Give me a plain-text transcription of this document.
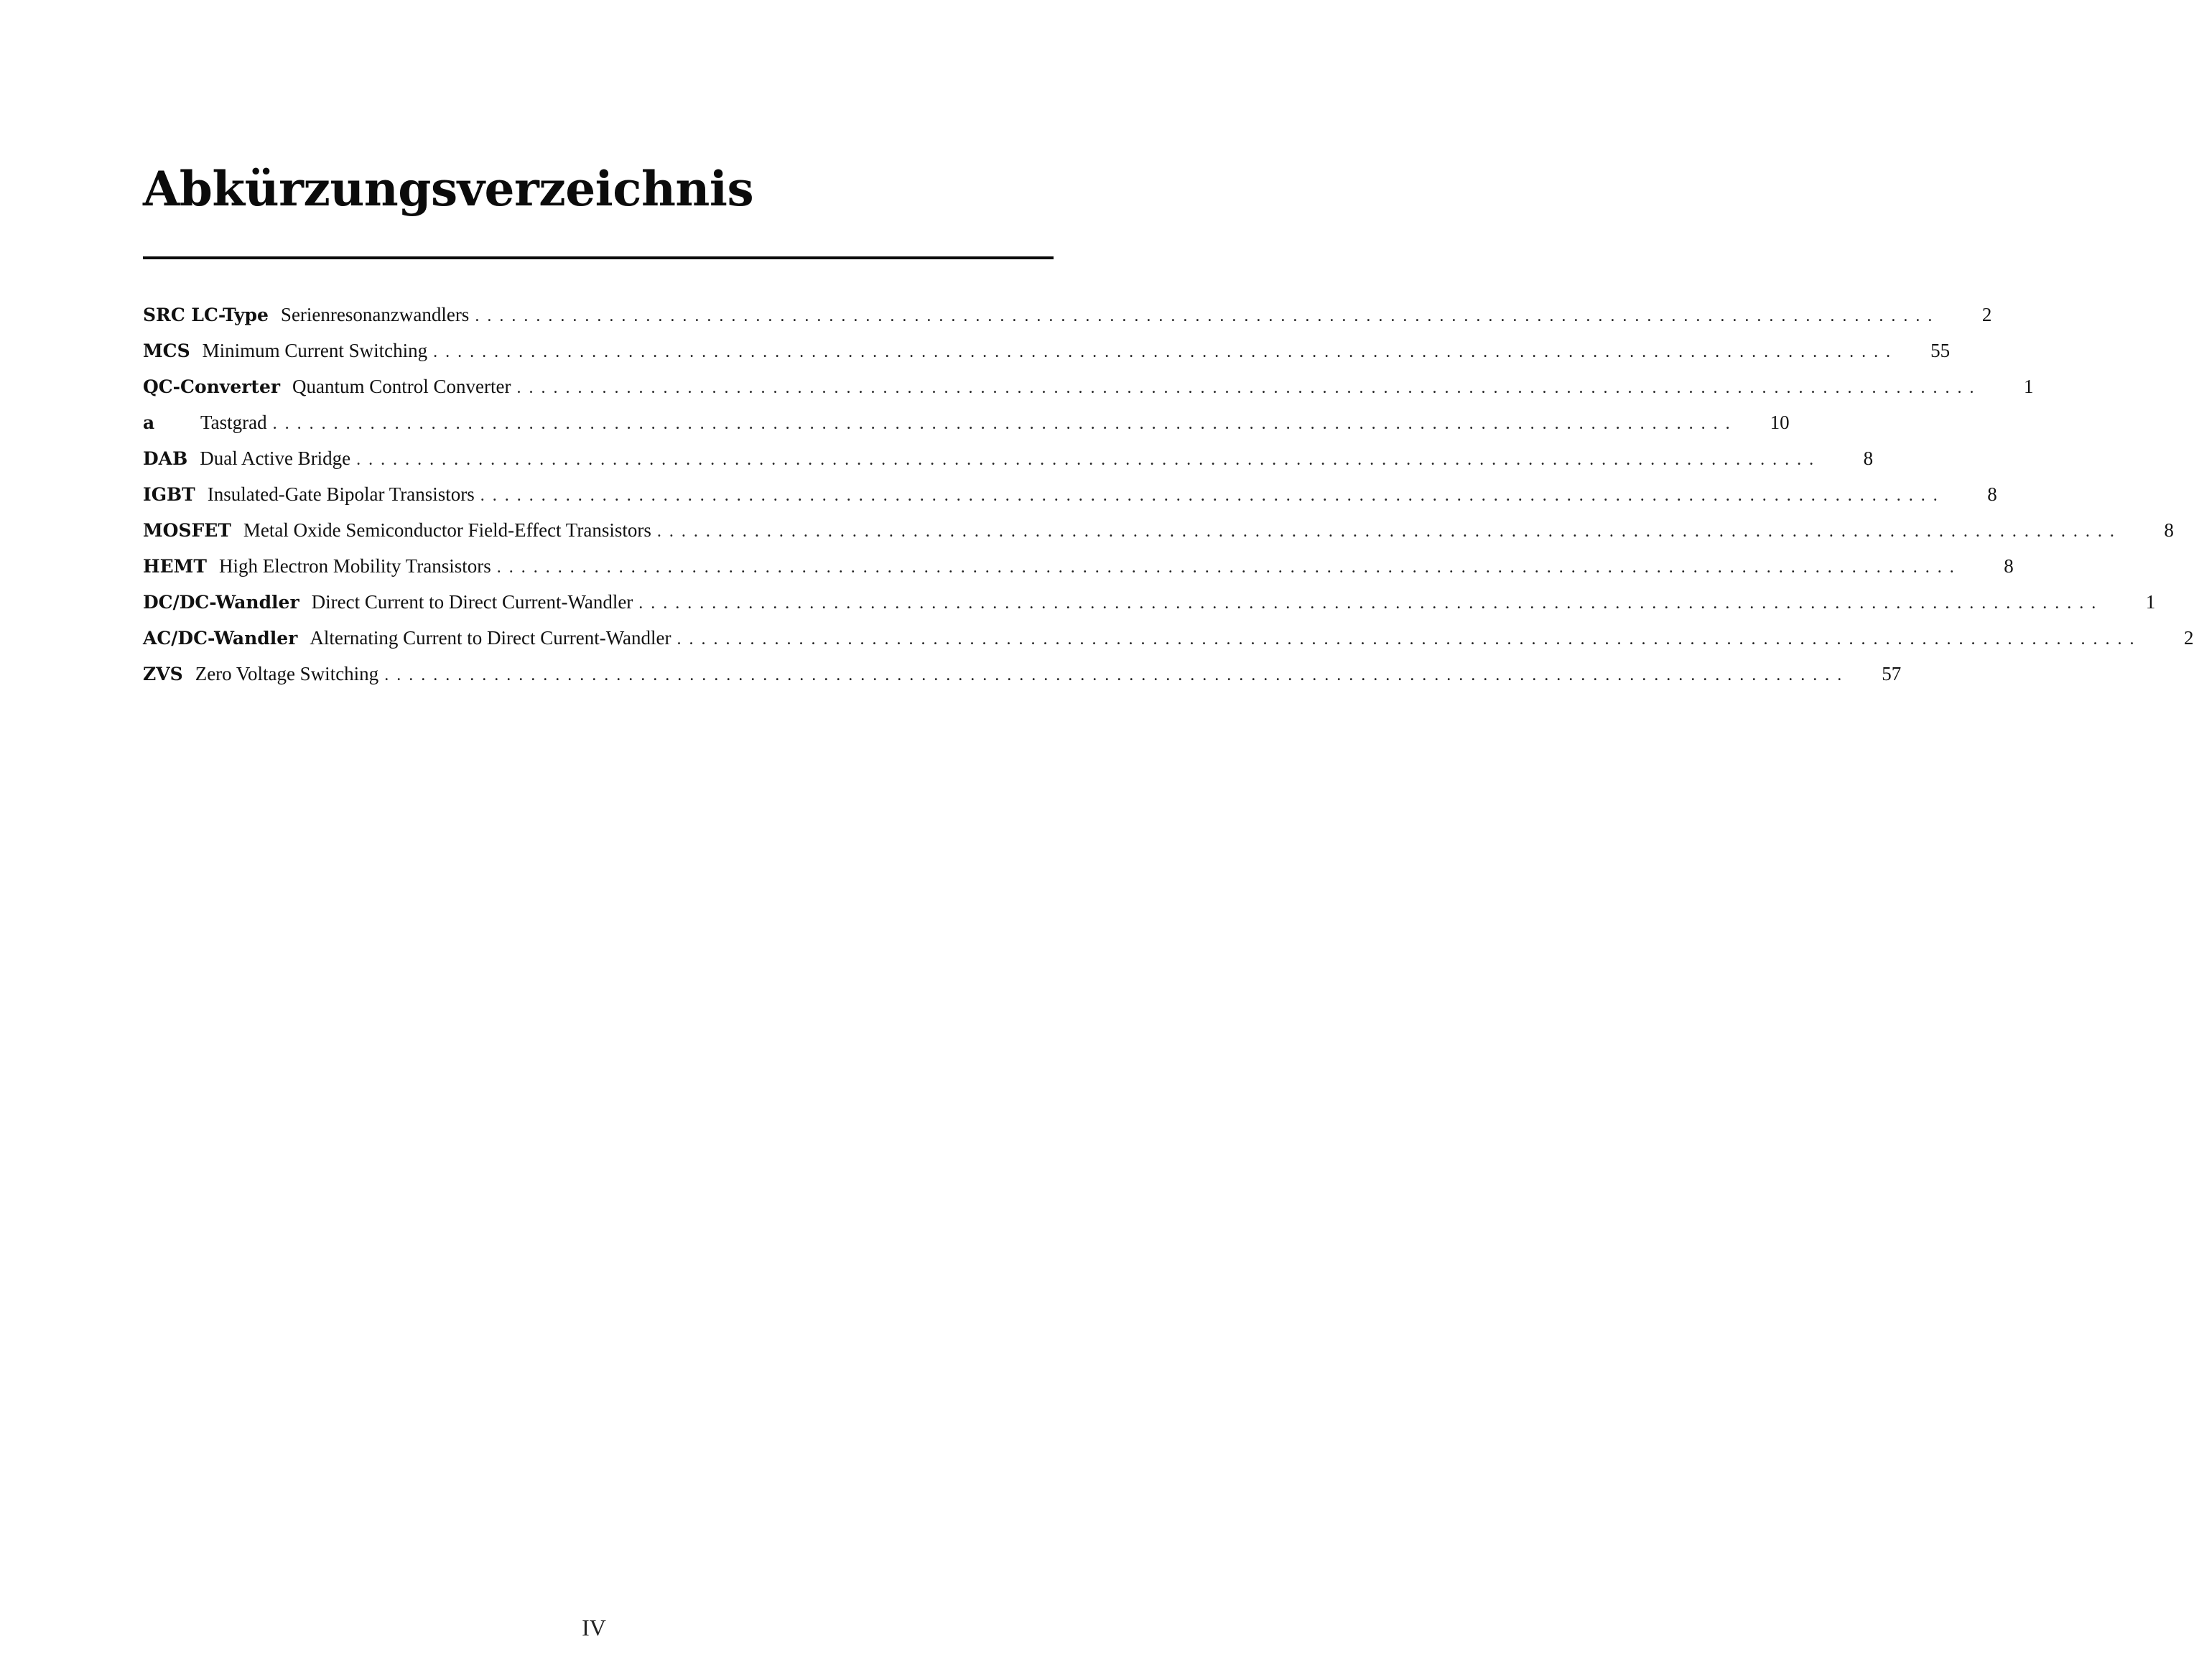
Abkürzungsverzeichnis
SRC LC-Type Serienresonanzwandlers ........................................................................................................................	2
MCS Minimum Current Switching ........................................................................................................................	55
QC-Converter Quantum Control Converter ........................................................................................................................	1
a	Tastgrad ........................................................................................................................	10
DAB Dual Active Bridge ........................................................................................................................	8
IGBT Insulated-Gate Bipolar Transistors ........................................................................................................................	8
MOSFET Metal Oxide Semiconductor Field-Effect Transistors ........................................................................................................................	8
HEMT High Electron Mobility Transistors ........................................................................................................................	8
DC/DC-Wandler Direct Current to Direct Current-Wandler ........................................................................................................................	1
AC/DC-Wandler Alternating Current to Direct Current-Wandler ........................................................................................................................	2
ZVS Zero Voltage Switching ........................................................................................................................	57
IV
